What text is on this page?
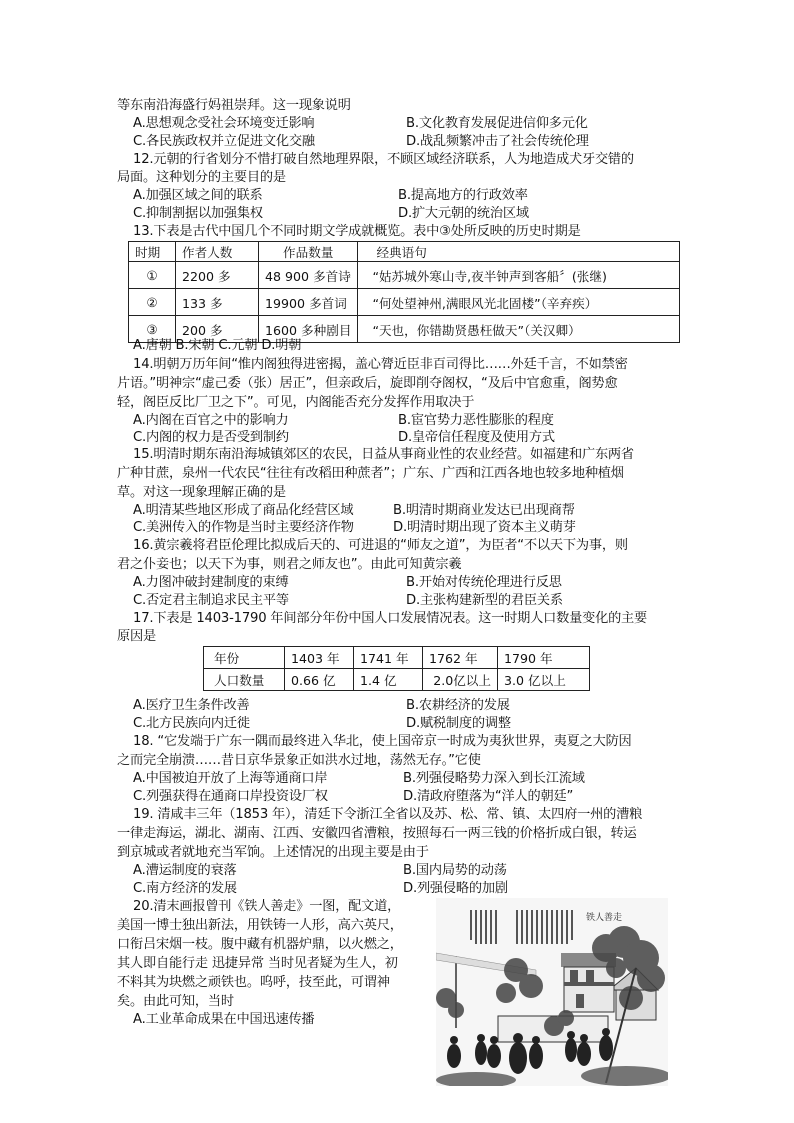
等东南沿海盛行妈祖崇拜。这一现象说明
A.思想观念受社会环境变迁影响	B.文化教育发展促进信仰多元化
C.各民族政权并立促进文化交融	D.战乱频繁冲击了社会传统伦理
12.元朝的行省划分不惜打破自然地理界限，不顾区域经济联系，人为地造成犬牙交错的
局面。这种划分的主要目的是
A.加强区域之间的联系	B.提高地方的行政效率
C.抑制割据以加强集权	D.扩大元朝的统治区域
13.下表是古代中国几个不同时期文学成就概览。表中③处所反映的历史时期是
时期	作者人数	作品数量	经典语句
①	2200 多	48 900 多首诗	“姑苏城外寒山寺,夜半钟声到客船〞(张继)
②	133 多	19900 多首词	“何处望神州,满眼风光北固楼”（辛弃疾）
③	200 多	1600 多种剧目	“天也，你错勘贤愚枉做天”（关汉卿）
A.唐朝 B.宋朝 C.元朝 D.明朝
14.明朝万历年间“惟内阁独得进密揭，盖心膂近臣非百司得比……外廷千言，不如禁密
片语。”明神宗“虚己委（张）居正”，但亲政后，旋即削夺阁权，“及后中官愈重，阁势愈
轻，阁臣反比厂卫之下”。可见，内阁能否充分发挥作用取决于
A.内阁在百官之中的影响力	B.宦官势力恶性膨胀的程度
C.内阁的权力是否受到制约	D.皇帝信任程度及使用方式
15.明清时期东南沿海城镇郊区的农民，日益从事商业性的农业经营。如福建和广东两省
广种甘蔗，泉州一代农民“往往有改稻田种蔗者”；广东、广西和江西各地也较多地种植烟
草。对这一现象理解正确的是
A.明清某些地区形成了商品化经营区域	B.明清时期商业发达已出现商帮
C.美洲传入的作物是当时主要经济作物	D.明清时期出现了资本主义萌芽
16.黄宗羲将君臣伦理比拟成后天的、可进退的“师友之道”，为臣者“不以天下为事，则
君之仆妾也；以天下为事，则君之师友也”。由此可知黄宗羲
A.力图冲破封建制度的束缚	B.开始对传统伦理进行反思
C.否定君主制追求民主平等	D.主张构建新型的君臣关系
17.下表是 1403-1790 年间部分年份中国人口发展情况表。这一时期人口数量变化的主要
原因是
年份	1403 年	1741 年	1762 年	1790 年
人口数量	0.66 亿	1.4 亿	2.0亿以上	3.0 亿以上
A.医疗卫生条件改善	B.农耕经济的发展
C.北方民族向内迁徙	D.赋税制度的调整
18. “它发端于广东一隅而最终进入华北，使上国帝京一时成为夷狄世界，夷夏之大防因
之而完全崩溃……昔日京华景象正如洪水过地，荡然无存。”它使
A.中国被迫开放了上海等通商口岸	B.列强侵略势力深入到长江流域
C.列强获得在通商口岸投资设厂权	D.清政府堕落为“洋人的朝廷”
19. 清咸丰三年（1853 年），清廷下令浙江全省以及苏、松、常、镇、太四府一州的漕粮
一律走海运，湖北、湖南、江西、安徽四省漕粮，按照每石一两三钱的价格折成白银，转运
到京城或者就地充当军饷。上述情况的出现主要是由于
A.漕运制度的衰落	B.国内局势的动荡
C.南方经济的发展	D.列强侵略的加剧
20.清末画报曾刊《铁人善走》一图，配文道，
美国一博士独出新法，用铁铸一人形，高六英尺，
口衔吕宋烟一枝。腹中藏有机器炉鼎，以火燃之，
其人即自能行走 迅捷异常 当时见者疑为生人，初
不料其为块燃之顽铁也。呜呼，技至此，可谓神
矣。由此可知，当时
A.工业革命成果在中国迅速传播
铁人善走
